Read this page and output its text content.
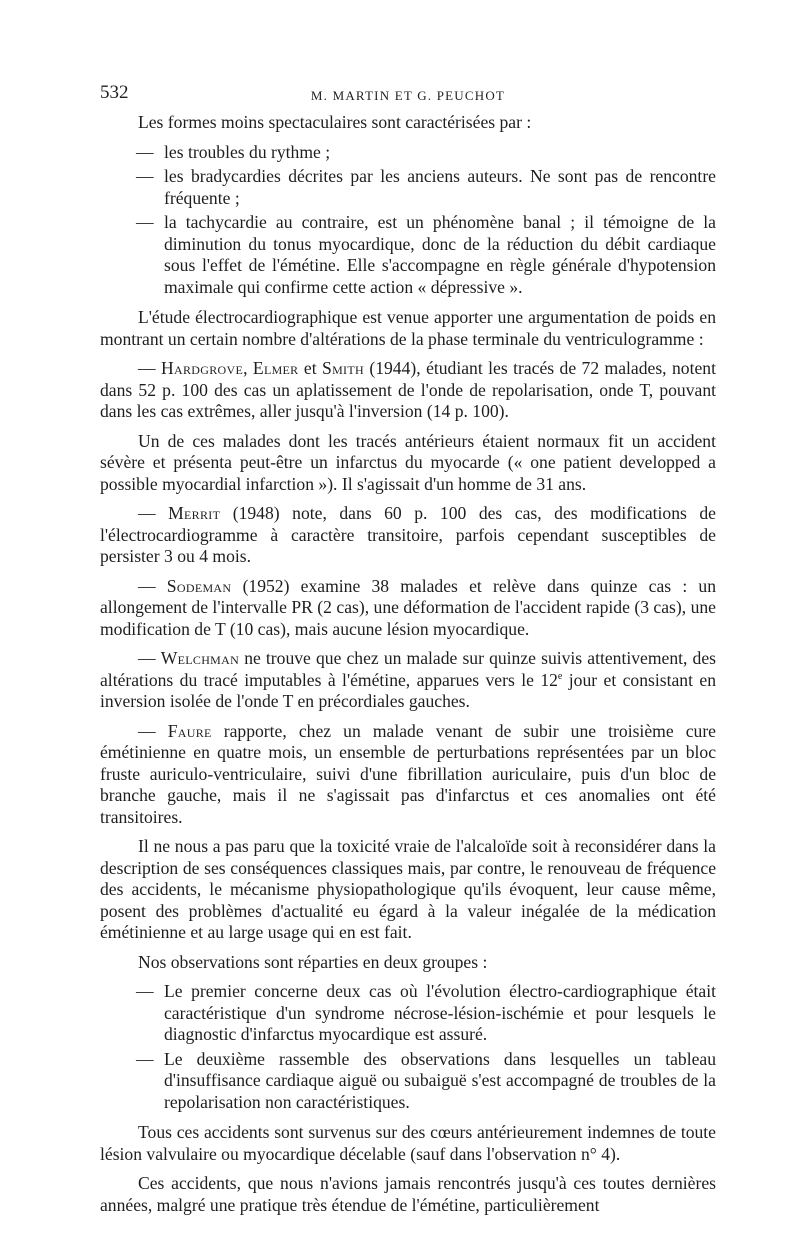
532	M. MARTIN ET G. PEUCHOT

Les formes moins spectaculaires sont caractérisées par :

— les troubles du rythme ;
— les bradycardies décrites par les anciens auteurs. Ne sont pas de rencontre fréquente ;
— la tachycardie au contraire, est un phénomène banal ; il témoigne de la diminution du tonus myocardique, donc de la réduction du débit cardiaque sous l'effet de l'émétine. Elle s'accompagne en règle générale d'hypotension maximale qui confirme cette action « dépressive ».

L'étude électrocardiographique est venue apporter une argumentation de poids en montrant un certain nombre d'altérations de la phase terminale du ventriculogramme :

— Hardgrove, Elmer et Smith (1944), étudiant les tracés de 72 malades, notent dans 52 p. 100 des cas un aplatissement de l'onde de repolarisation, onde T, pouvant dans les cas extrêmes, aller jusqu'à l'inversion (14 p. 100).

Un de ces malades dont les tracés antérieurs étaient normaux fit un accident sévère et présenta peut-être un infarctus du myocarde (« one patient developped a possible myocardial infarction »). Il s'agissait d'un homme de 31 ans.

— Merrit (1948) note, dans 60 p. 100 des cas, des modifications de l'électrocardiogramme à caractère transitoire, parfois cependant susceptibles de persister 3 ou 4 mois.

— Sodeman (1952) examine 38 malades et relève dans quinze cas : un allongement de l'intervalle PR (2 cas), une déformation de l'accident rapide (3 cas), une modification de T (10 cas), mais aucune lésion myocardique.

— Welchman ne trouve que chez un malade sur quinze suivis attentivement, des altérations du tracé imputables à l'émétine, apparues vers le 12e jour et consistant en inversion isolée de l'onde T en précordiales gauches.

— Faure rapporte, chez un malade venant de subir une troisième cure émétinienne en quatre mois, un ensemble de perturbations représentées par un bloc fruste auriculo-ventriculaire, suivi d'une fibrillation auriculaire, puis d'un bloc de branche gauche, mais il ne s'agissait pas d'infarctus et ces anomalies ont été transitoires.

Il ne nous a pas paru que la toxicité vraie de l'alcaloïde soit à reconsidérer dans la description de ses conséquences classiques mais, par contre, le renouveau de fréquence des accidents, le mécanisme physiopathologique qu'ils évoquent, leur cause même, posent des problèmes d'actualité eu égard à la valeur inégalée de la médication émétinienne et au large usage qui en est fait.

Nos observations sont réparties en deux groupes :

— Le premier concerne deux cas où l'évolution électro-cardiographique était caractéristique d'un syndrome nécrose-lésion-ischémie et pour lesquels le diagnostic d'infarctus myocardique est assuré.
— Le deuxième rassemble des observations dans lesquelles un tableau d'insuffisance cardiaque aiguë ou subaiguë s'est accompagné de troubles de la repolarisation non caractéristiques.

Tous ces accidents sont survenus sur des cœurs antérieurement indemnes de toute lésion valvulaire ou myocardique décelable (sauf dans l'observation n° 4).

Ces accidents, que nous n'avions jamais rencontrés jusqu'à ces toutes dernières années, malgré une pratique très étendue de l'émétine, particulièrement
